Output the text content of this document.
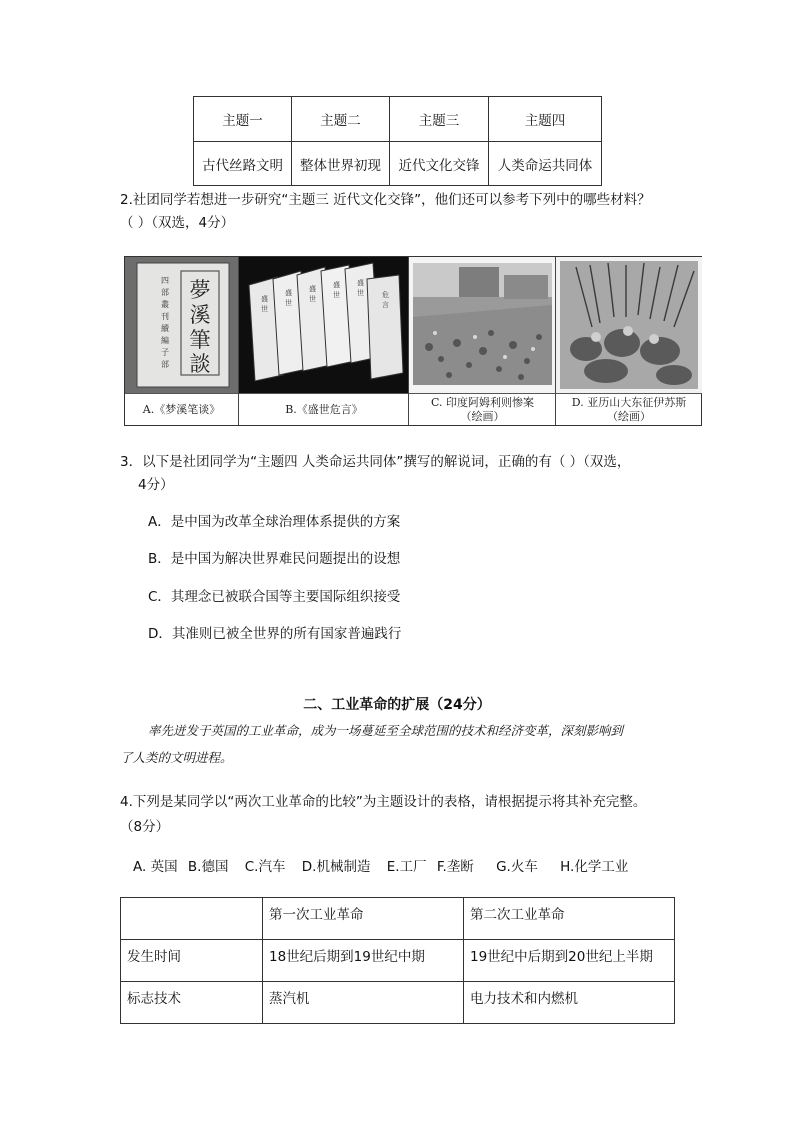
主题一	主题二	主题三	主题四
古代丝路文明	整体世界初现	近代文化交锋	人类命运共同体
2.社团同学若想进一步研究“主题三 近代文化交锋”，他们还可以参考下列中的哪些材料？
（ ）（双选，4分）
夢
溪
筆
談
四
部
叢
刊
續
編
子
部
A.《梦溪笔谈》
盛
世
盛
世
盛
世
盛
世
盛
世	危
言
B.《盛世危言》
C. 印度阿姆利则惨案
（绘画）
D. 亚历山大东征伊苏斯
（绘画）
3．以下是社团同学为“主题四 人类命运共同体”撰写的解说词，正确的有（ ）（双选，
4分）
A．是中国为改革全球治理体系提供的方案
B．是中国为解决世界难民问题提出的设想
C．其理念已被联合国等主要国际组织接受
D．其准则已被全世界的所有国家普遍践行
二、工业革命的扩展（24分）
率先迸发于英国的工业革命，成为一场蔓延至全球范围的技术和经济变革，深刻影响到
了人类的文明进程。
4.下列是某同学以“两次工业革命的比较”为主题设计的表格，请根据提示将其补充完整。
（8分）
A. 英国 B.德国 C.汽车 D.机械制造 E.工厂 F.垄断 G.火车 H.化学工业
	第一次工业革命	第二次工业革命
发生时间	18世纪后期到19世纪中期	19世纪中后期到20世纪上半期
标志技术	蒸汽机	电力技术和内燃机
